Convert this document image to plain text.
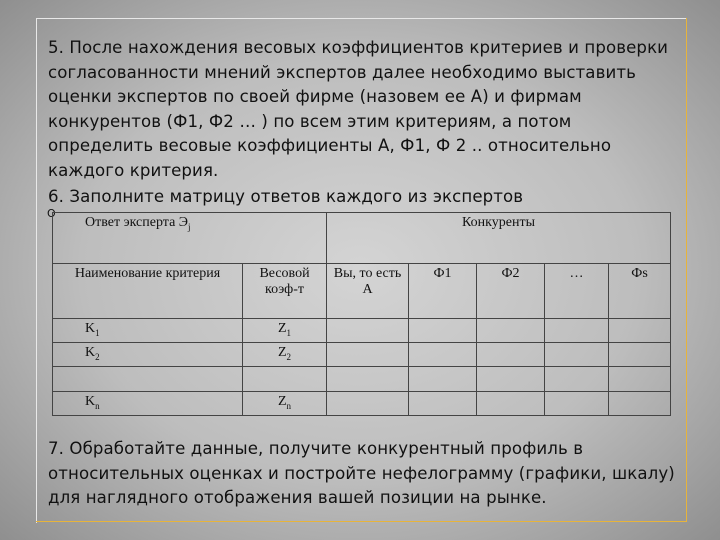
5. После нахождения весовых коэффициентов критериев и проверки согласованности мнений экспертов далее необходимо выставить оценки экспертов по своей фирме (назовем ее А) и фирмам конкурентов (Ф1, Ф2 … ) по всем этим критериям, а потом определить весовые коэффициенты А, Ф1, Ф 2 .. относительно каждого критерия.
6. Заполните матрицу ответов каждого из экспертов
О
Ответ эксперта $Э_j$		Конкуренты				
Наименование критерия	Весовой коэф-т	Вы, то есть А	Ф1	Ф2	…	Фs
$K_1$	$Z_1$					
$K_2$	$Z_2$					

$K_n$	$Z_n$					
7. Обработайте данные, получите конкурентный профиль в относительных оценках и постройте нефелограмму (графики, шкалу) для наглядного отображения вашей позиции на рынке.
